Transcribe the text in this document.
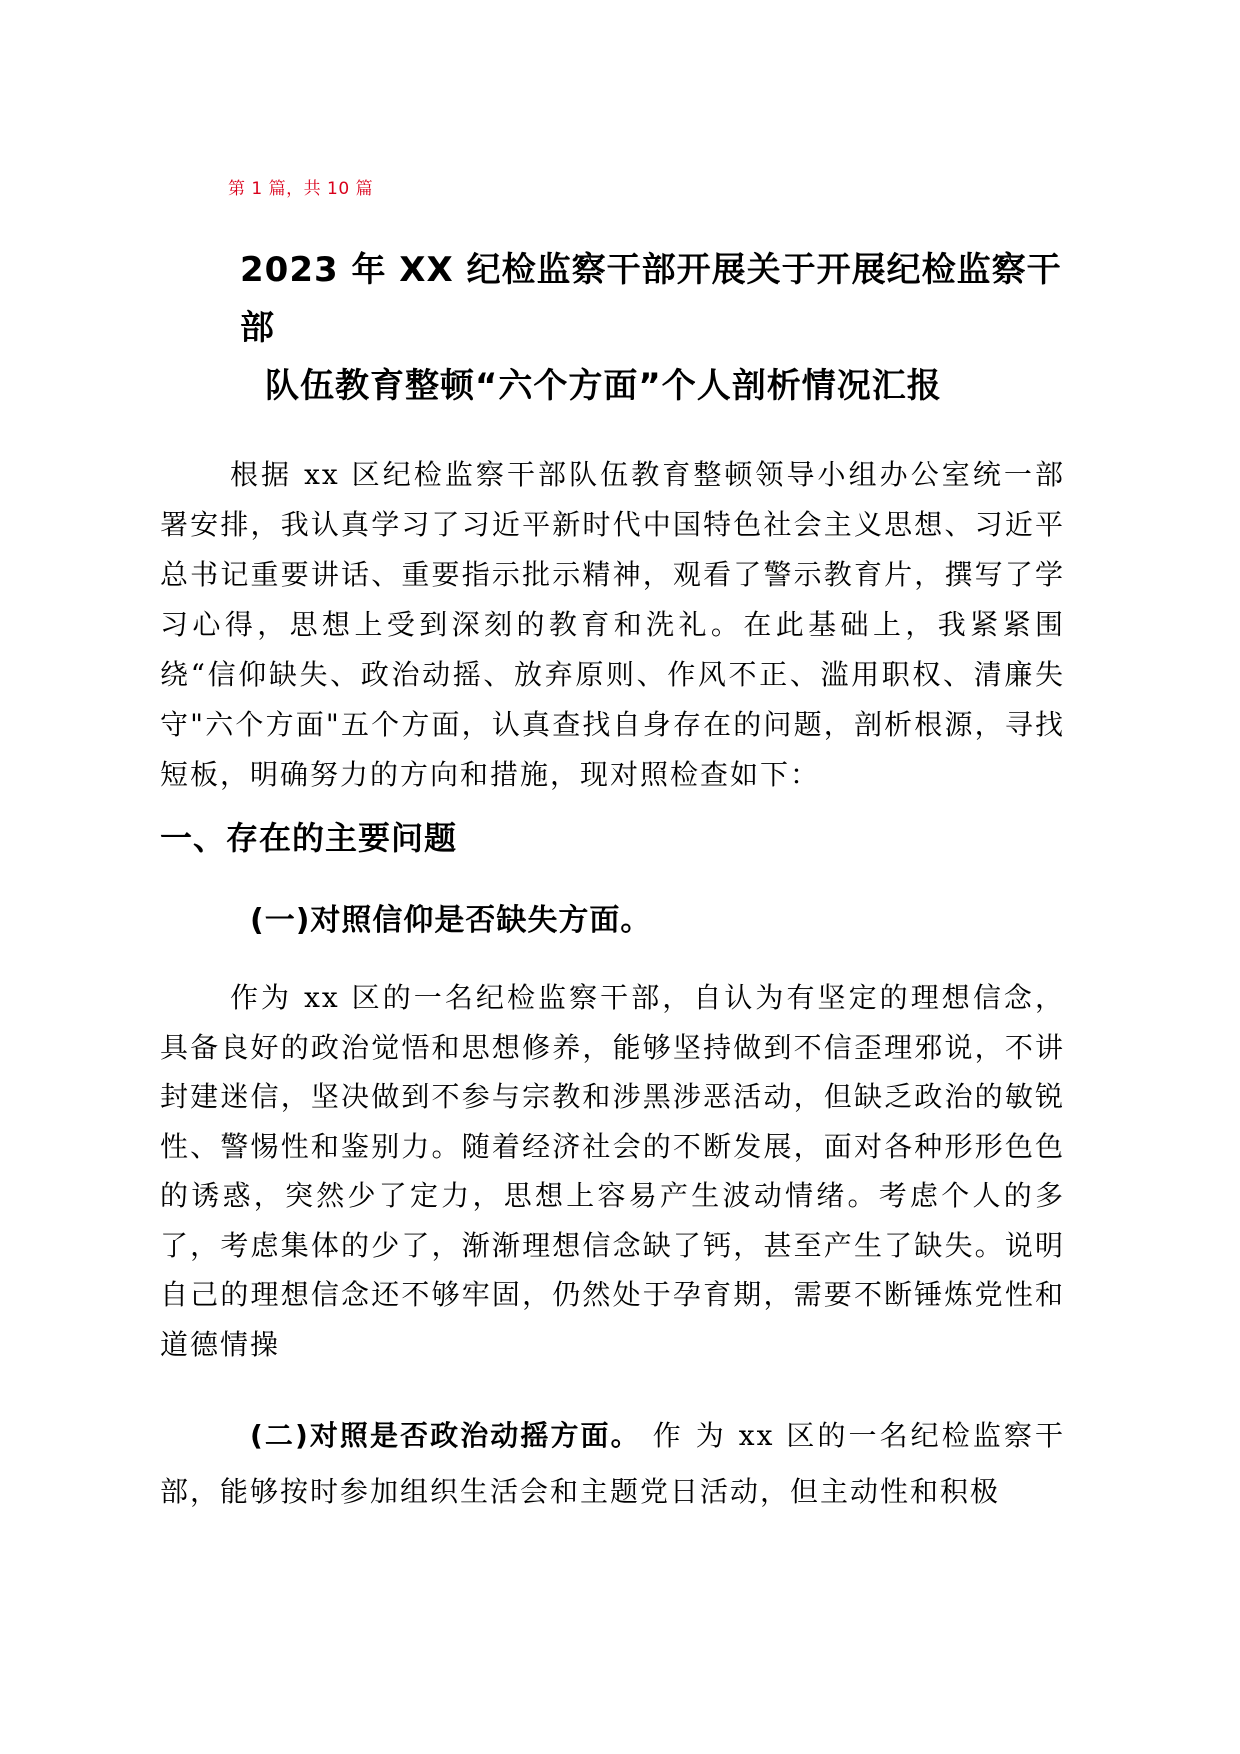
第 1 篇，共 10 篇
2023 年 XX 纪检监察干部开展关于开展纪检监察干
部
队伍教育整顿“六个方面”个人剖析情况汇报
根据 xx 区纪检监察干部队伍教育整顿领导小组办公室统一部署安排，我认真学习了习近平新时代中国特色社会主义思想、习近平总书记重要讲话、重要指示批示精神，观看了警示教育片，撰写了学习心得，思想上受到深刻的教育和洗礼。在此基础上，我紧紧围绕“信仰缺失、政治动摇、放弃原则、作风不正、滥用职权、清廉失守"六个方面"五个方面，认真查找自身存在的问题，剖析根源，寻找短板，明确努力的方向和措施，现对照检查如下：
一、存在的主要问题
(一)对照信仰是否缺失方面。
作为 xx 区的一名纪检监察干部，自认为有坚定的理想信念，具备良好的政治觉悟和思想修养，能够坚持做到不信歪理邪说，不讲封建迷信，坚决做到不参与宗教和涉黑涉恶活动，但缺乏政治的敏锐性、警惕性和鉴别力。随着经济社会的不断发展，面对各种形形色色的诱惑，突然少了定力，思想上容易产生波动情绪。考虑个人的多了，考虑集体的少了，渐渐理想信念缺了钙，甚至产生了缺失。说明自己的理想信念还不够牢固，仍然处于孕育期，需要不断锤炼党性和道德情操
(二)对照是否政治动摇方面。 作 为 xx 区的一名纪检监察干部，能够按时参加组织生活会和主题党日活动，但主动性和积极
